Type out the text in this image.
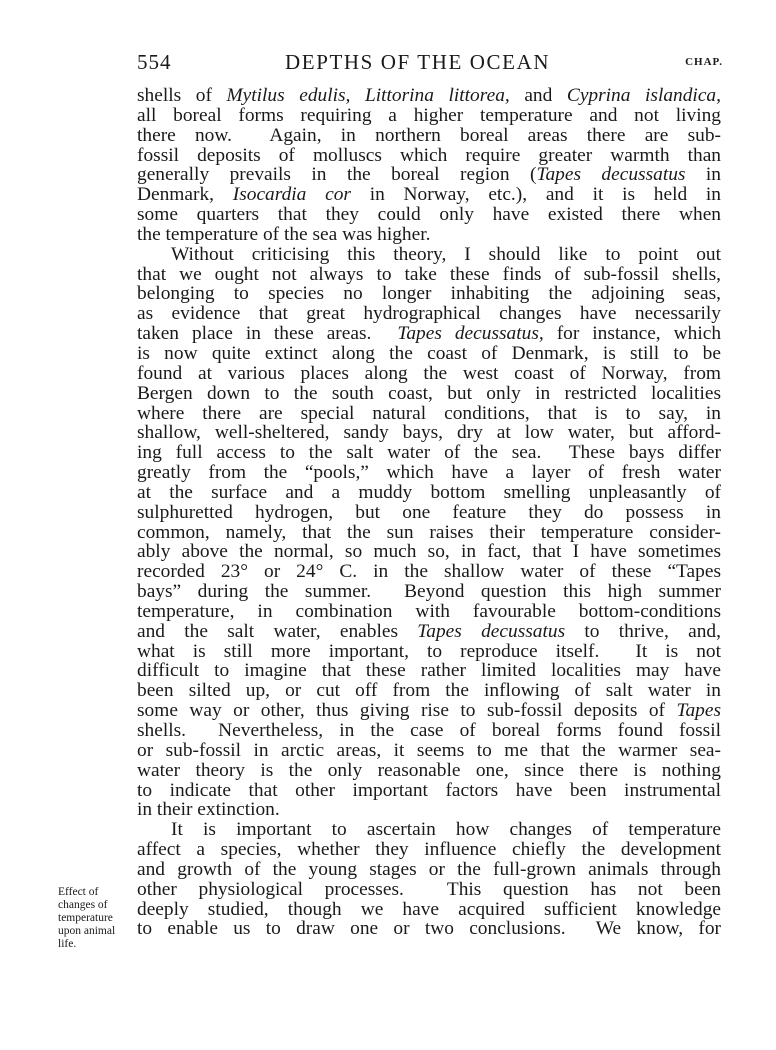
554	DEPTHS OF THE OCEAN	CHAP.
Effect of
changes of
temperature
upon animal
life.
shells of Mytilus edulis, Littorina littorea, and Cyprina islandica,
all boreal forms requiring a higher temperature and not living
there now.  Again, in northern boreal areas there are sub-
fossil deposits of molluscs which require greater warmth than
generally prevails in the boreal region (Tapes decussatus in
Denmark, Isocardia cor in Norway, etc.), and it is held in
some quarters that they could only have existed there when
the temperature of the sea was higher.
Without criticising this theory, I should like to point out
that we ought not always to take these finds of sub-fossil shells,
belonging to species no longer inhabiting the adjoining seas,
as evidence that great hydrographical changes have necessarily
taken place in these areas.  Tapes decussatus, for instance, which
is now quite extinct along the coast of Denmark, is still to be
found at various places along the west coast of Norway, from
Bergen down to the south coast, but only in restricted localities
where there are special natural conditions, that is to say, in
shallow, well-sheltered, sandy bays, dry at low water, but afford-
ing full access to the salt water of the sea.  These bays differ
greatly from the “pools,” which have a layer of fresh water
at the surface and a muddy bottom smelling unpleasantly of
sulphuretted hydrogen, but one feature they do possess in
common, namely, that the sun raises their temperature consider-
ably above the normal, so much so, in fact, that I have sometimes
recorded 23° or 24° C. in the shallow water of these “Tapes
bays” during the summer.  Beyond question this high summer
temperature, in combination with favourable bottom-conditions
and the salt water, enables Tapes decussatus to thrive, and,
what is still more important, to reproduce itself.  It is not
difficult to imagine that these rather limited localities may have
been silted up, or cut off from the inflowing of salt water in
some way or other, thus giving rise to sub-fossil deposits of Tapes
shells.  Nevertheless, in the case of boreal forms found fossil
or sub-fossil in arctic areas, it seems to me that the warmer sea-
water theory is the only reasonable one, since there is nothing
to indicate that other important factors have been instrumental
in their extinction.
It is important to ascertain how changes of temperature
affect a species, whether they influence chiefly the development
and growth of the young stages or the full-grown animals through
other physiological processes.  This question has not been
deeply studied, though we have acquired sufficient knowledge
to enable us to draw one or two conclusions.  We know, for
